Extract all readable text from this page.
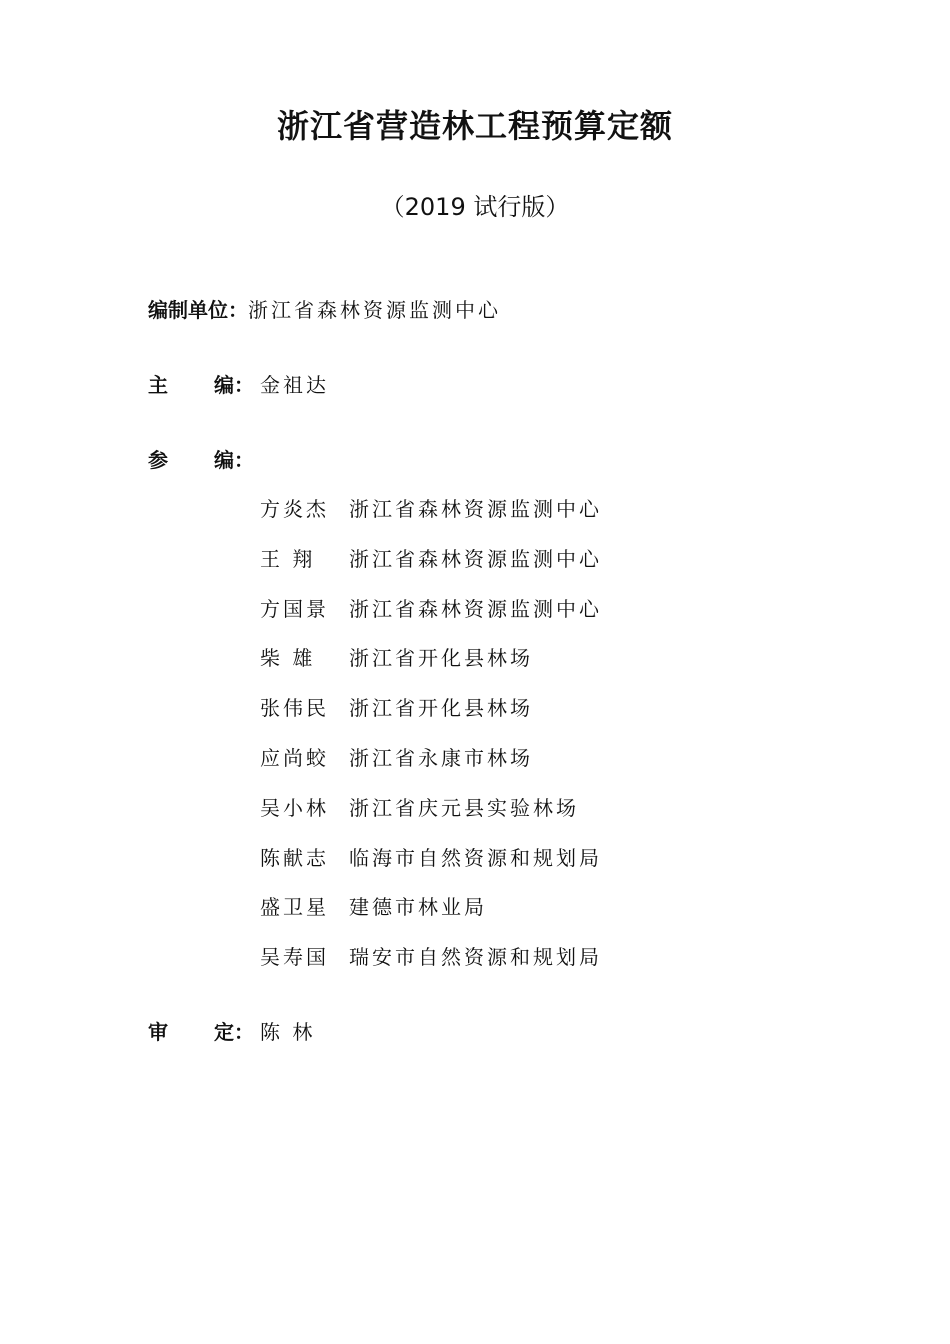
浙江省营造林工程预算定额
（2019 试行版）
编制单位：浙江省森林资源监测中心
主 编： 金祖达
参 编：
方炎杰 浙江省森林资源监测中心
王 翔 浙江省森林资源监测中心
方国景 浙江省森林资源监测中心
柴 雄 浙江省开化县林场
张伟民 浙江省开化县林场
应尚蛟 浙江省永康市林场
吴小林 浙江省庆元县实验林场
陈献志 临海市自然资源和规划局
盛卫星 建德市林业局
吴寿国 瑞安市自然资源和规划局
审 定： 陈 林
